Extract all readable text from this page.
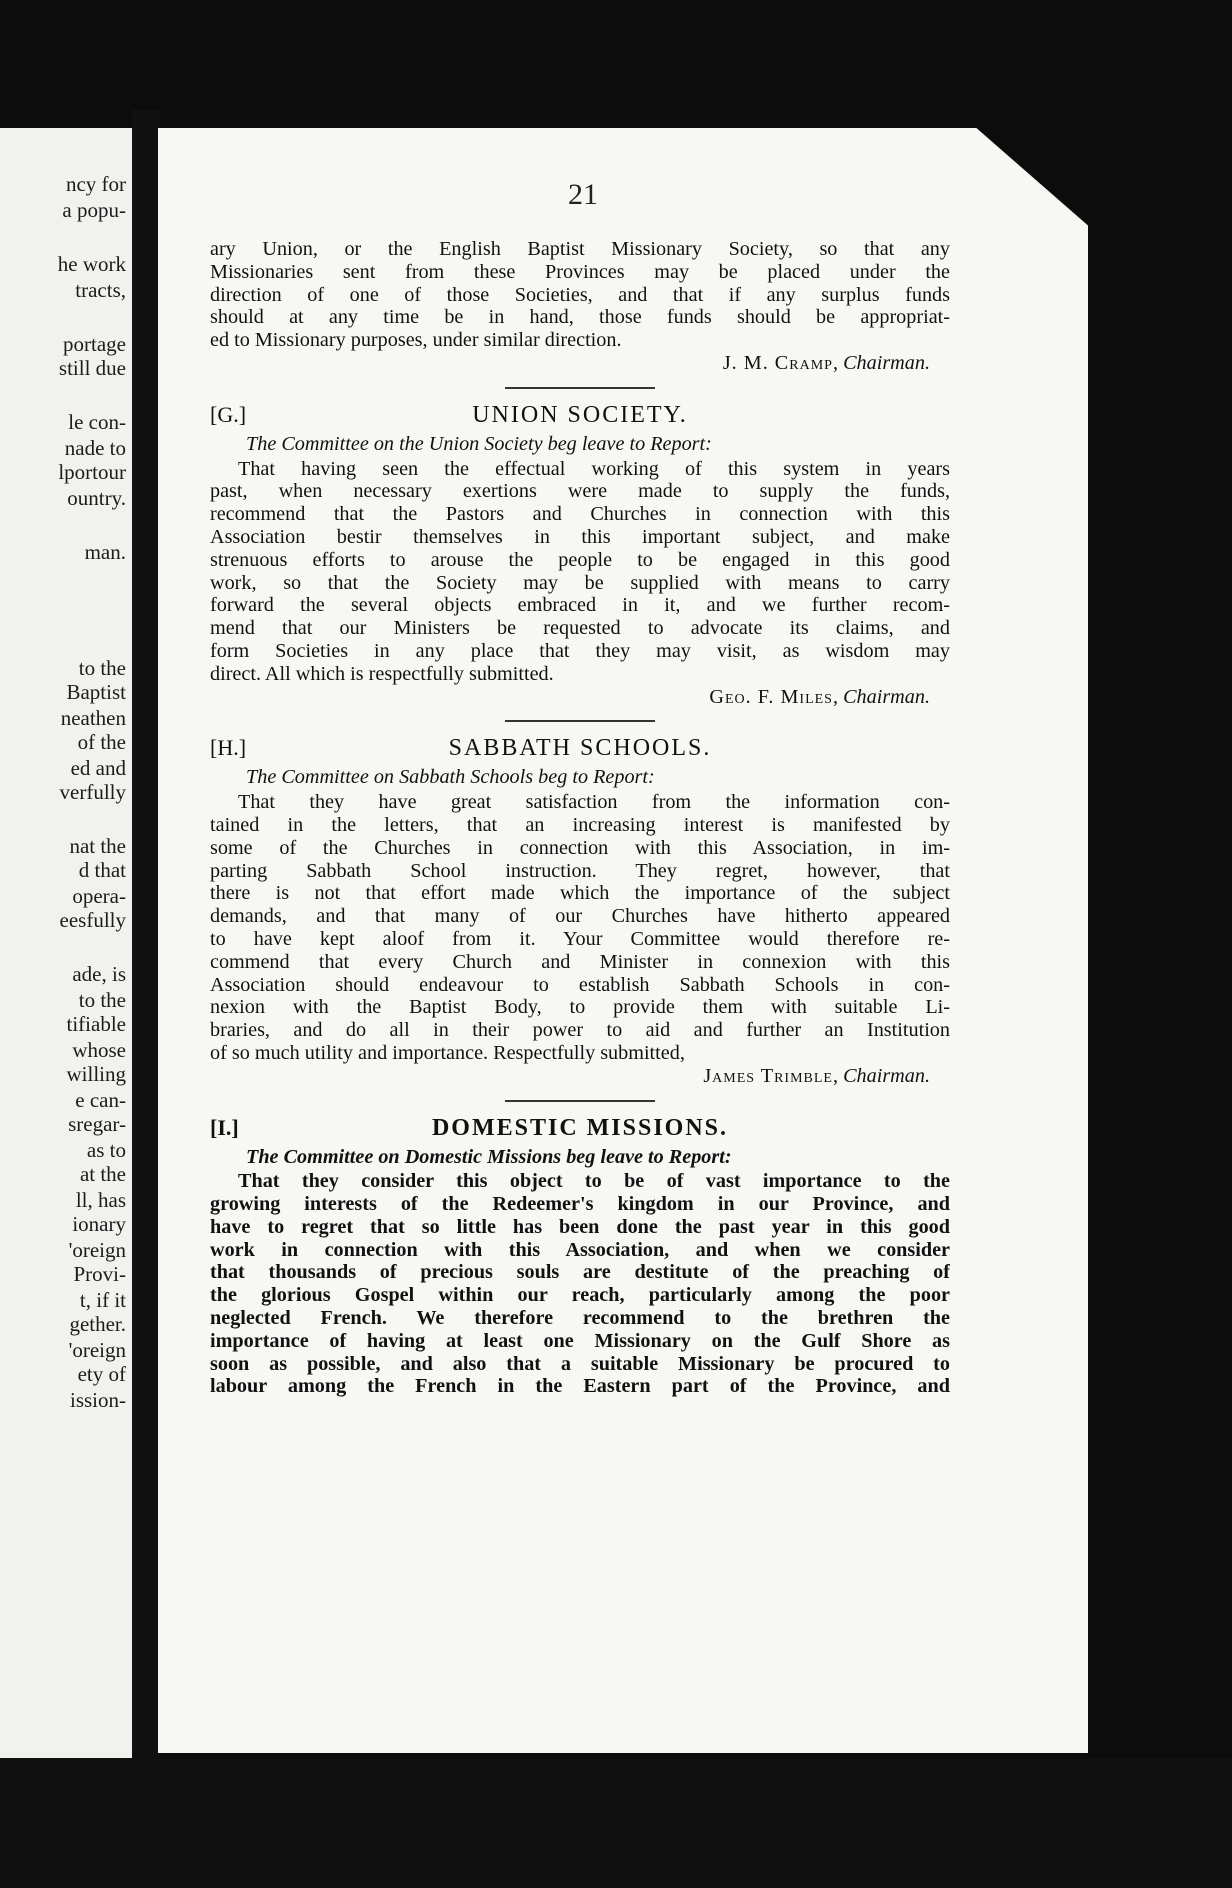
ncy for
a popu-
he work
tracts,
portage
still due
le con-
nade to
lportour
ountry.
man.
to the
Baptist
neathen
of the
ed and
verfully
nat the
d that
opera-
eesfully
ade, is
to the
tifiable
whose
willing
e can-
sregar-
as to
at the
ll, has
ionary
'oreign
Provi-
t, if it
gether.
'oreign
ety of
ission-
21
ary Union, or the English Baptist Missionary Society, so that any
Missionaries sent from these Provinces may be placed under the
direction of one of those Societies, and that if any surplus funds
should at any time be in hand, those funds should be appropriat-
ed to Missionary purposes, under similar direction.
J. M. Cramp, Chairman.
[G.]	UNION SOCIETY.
The Committee on the Union Society beg leave to Report:
That having seen the effectual working of this system in years
past, when necessary exertions were made to supply the funds,
recommend that the Pastors and Churches in connection with this
Association bestir themselves in this important subject, and make
strenuous efforts to arouse the people to be engaged in this good
work, so that the Society may be supplied with means to carry
forward the several objects embraced in it, and we further recom-
mend that our Ministers be requested to advocate its claims, and
form Societies in any place that they may visit, as wisdom may
direct. All which is respectfully submitted.
Geo. F. Miles, Chairman.
[H.]	SABBATH SCHOOLS.
The Committee on Sabbath Schools beg to Report:
That they have great satisfaction from the information con-
tained in the letters, that an increasing interest is manifested by
some of the Churches in connection with this Association, in im-
parting Sabbath School instruction. They regret, however, that
there is not that effort made which the importance of the subject
demands, and that many of our Churches have hitherto appeared
to have kept aloof from it. Your Committee would therefore re-
commend that every Church and Minister in connexion with this
Association should endeavour to establish Sabbath Schools in con-
nexion with the Baptist Body, to provide them with suitable Li-
braries, and do all in their power to aid and further an Institution
of so much utility and importance. Respectfully submitted,
James Trimble, Chairman.
[I.]	DOMESTIC MISSIONS.
The Committee on Domestic Missions beg leave to Report:
That they consider this object to be of vast importance to the
growing interests of the Redeemer's kingdom in our Province, and
have to regret that so little has been done the past year in this good
work in connection with this Association, and when we consider
that thousands of precious souls are destitute of the preaching of
the glorious Gospel within our reach, particularly among the poor
neglected French. We therefore recommend to the brethren the
importance of having at least one Missionary on the Gulf Shore as
soon as possible, and also that a suitable Missionary be procured to
labour among the French in the Eastern part of the Province, and
